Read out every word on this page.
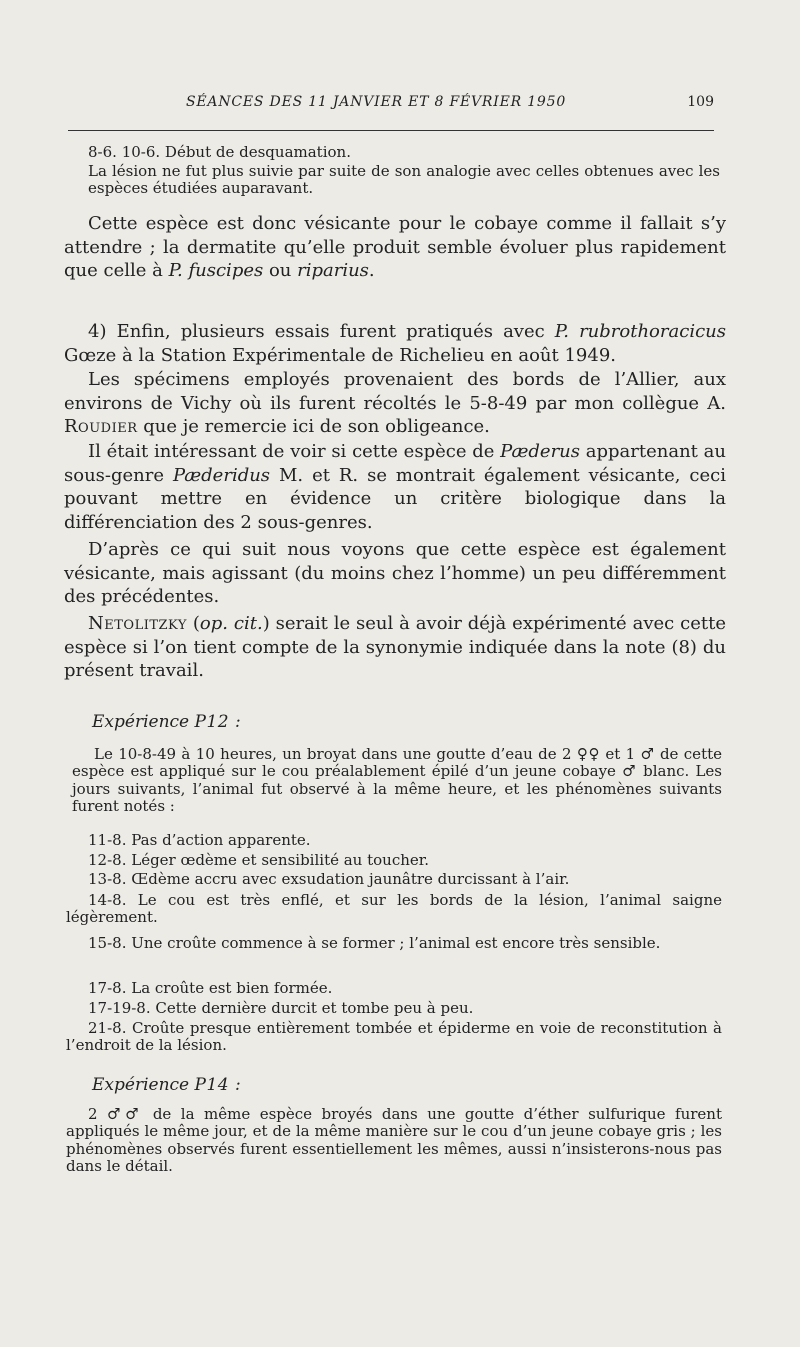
SÉANCES DES 11 JANVIER ET 8 FÉVRIER 1950	109
8-6. 10-6. Début de desquamation.
La lésion ne fut plus suivie par suite de son analogie avec celles obtenues avec les espèces étudiées auparavant.

Cette espèce est donc vésicante pour le cobaye comme il fallait s’y attendre ; la dermatite qu’elle produit semble évoluer plus rapidement que celle à P. fuscipes ou riparius.

4) Enfin, plusieurs essais furent pratiqués avec P. rubrothoracicus Gœze à la Station Expérimentale de Richelieu en août 1949.

Les spécimens employés provenaient des bords de l’Allier, aux environs de Vichy où ils furent récoltés le 5-8-49 par mon collègue A. Roudier que je remercie ici de son obligeance.

Il était intéressant de voir si cette espèce de Pæderus appartenant au sous-genre Pæderidus M. et R. se montrait également vésicante, ceci pouvant mettre en évidence un critère biologique dans la différenciation des 2 sous-genres.

D’après ce qui suit nous voyons que cette espèce est également vésicante, mais agissant (du moins chez l’homme) un peu différemment des précédentes.

Netolitzky (op. cit.) serait le seul à avoir déjà expérimenté avec cette espèce si l’on tient compte de la synonymie indiquée dans la note (8) du présent travail.

Expérience P12 :
Le 10-8-49 à 10 heures, un broyat dans une goutte d’eau de 2 ♀♀ et 1 ♂ de cette espèce est appliqué sur le cou préalablement épilé d’un jeune cobaye ♂ blanc. Les jours suivants, l’animal fut observé à la même heure, et les phénomènes suivants furent notés :
11-8. Pas d’action apparente.
12-8. Léger œdème et sensibilité au toucher.
13-8. Œdème accru avec exsudation jaunâtre durcissant à l’air.
14-8. Le cou est très enflé, et sur les bords de la lésion, l’animal saigne légèrement.
15-8. Une croûte commence à se former ; l’animal est encore très sensible.
17-8. La croûte est bien formée.
17-19-8. Cette dernière durcit et tombe peu à peu.
21-8. Croûte presque entièrement tombée et épiderme en voie de reconstitution à l’endroit de la lésion.
Expérience P14 :
2 ♂♂ de la même espèce broyés dans une goutte d’éther sulfurique furent appliqués le même jour, et de la même manière sur le cou d’un jeune cobaye gris ; les phénomènes observés furent essentiellement les mêmes, aussi n’insisterons-nous pas dans le détail.
